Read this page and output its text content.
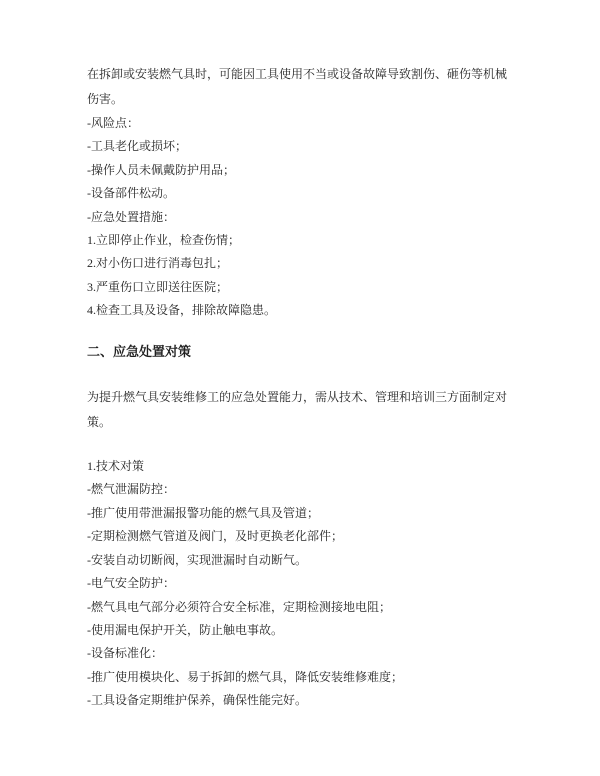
在拆卸或安装燃气具时，可能因工具使用不当或设备故障导致割伤、砸伤等机械伤害。

-风险点：
-工具老化或损坏；
-操作人员未佩戴防护用品；
-设备部件松动。
-应急处置措施：
1.立即停止作业，检查伤情；
2.对小伤口进行消毒包扎；
3.严重伤口立即送往医院；
4.检查工具及设备，排除故障隐患。
二、应急处置对策

为提升燃气具安装维修工的应急处置能力，需从技术、管理和培训三方面制定对策。

1.技术对策
-燃气泄漏防控：
-推广使用带泄漏报警功能的燃气具及管道；
-定期检测燃气管道及阀门，及时更换老化部件；
-安装自动切断阀，实现泄漏时自动断气。
-电气安全防护：
-燃气具电气部分必须符合安全标准，定期检测接地电阻；
-使用漏电保护开关，防止触电事故。
-设备标准化：
-推广使用模块化、易于拆卸的燃气具，降低安装维修难度；
-工具设备定期维护保养，确保性能完好。
